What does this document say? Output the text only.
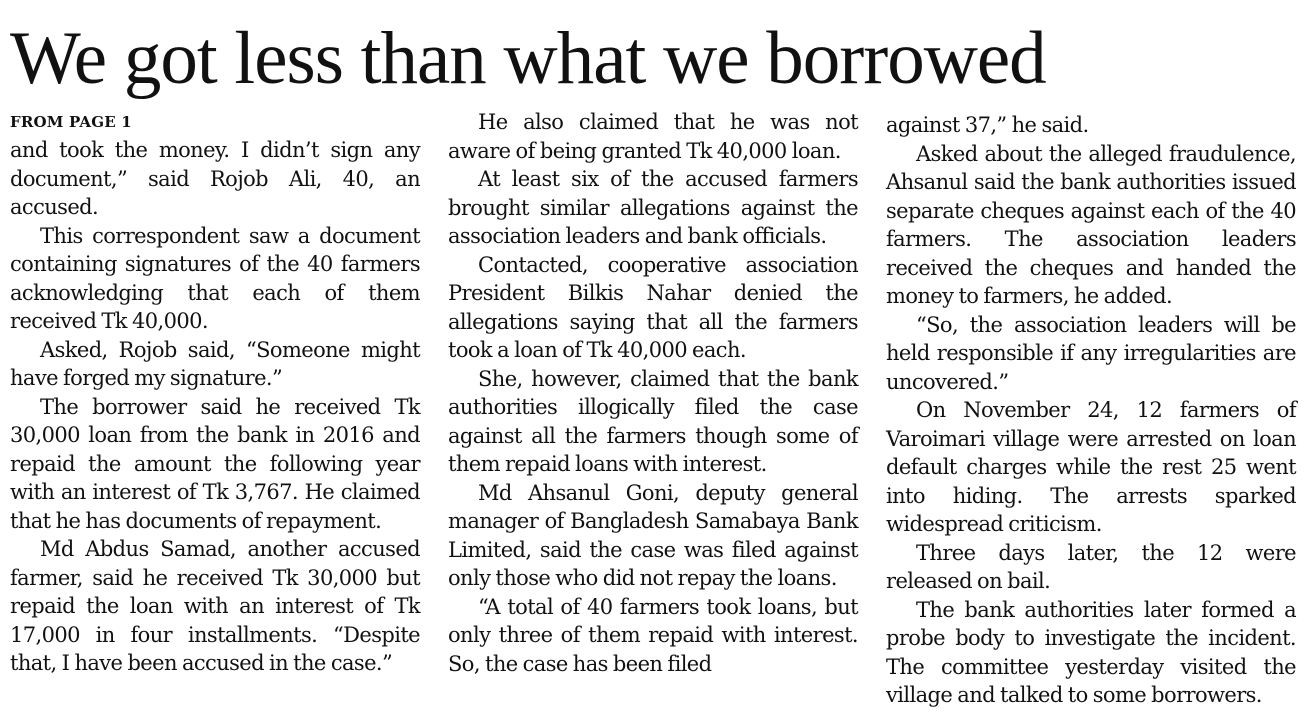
We got less than what we borrowed
FROM PAGE 1

and took the money. I didn’t sign any document,” said Rojob Ali, 40, an accused.

This correspondent saw a document containing signatures of the 40 farmers acknowledging that each of them received Tk 40,000.

Asked, Rojob said, “Someone might have forged my signature.”

The borrower said he received Tk 30,000 loan from the bank in 2016 and repaid the amount the following year with an interest of Tk 3,767. He claimed that he has documents of repayment.

Md Abdus Samad, another accused farmer, said he received Tk 30,000 but repaid the loan with an interest of Tk 17,000 in four installments. “Despite that, I have been accused in the case.”

He also claimed that he was not aware of being granted Tk 40,000 loan.

At least six of the accused farmers brought similar allegations against the association leaders and bank officials.

Contacted, cooperative association President Bilkis Nahar denied the allegations saying that all the farmers took a loan of Tk 40,000 each.

She, however, claimed that the bank authorities illogically filed the case against all the farmers though some of them repaid loans with interest.

Md Ahsanul Goni, deputy general manager of Bangladesh Samabaya Bank Limited, said the case was filed against only those who did not repay the loans.

“A total of 40 farmers took loans, but only three of them repaid with interest. So, the case has been filed

against 37,” he said.

Asked about the alleged fraudulence, Ahsanul said the bank authorities issued separate cheques against each of the 40 farmers. The association leaders received the cheques and handed the money to farmers, he added.

“So, the association leaders will be held responsible if any irregularities are uncovered.”

On November 24, 12 farmers of Varoimari village were arrested on loan default charges while the rest 25 went into hiding. The arrests sparked widespread criticism.

Three days later, the 12 were released on bail.

The bank authorities later formed a probe body to investigate the incident. The committee yesterday visited the village and talked to some borrowers.
